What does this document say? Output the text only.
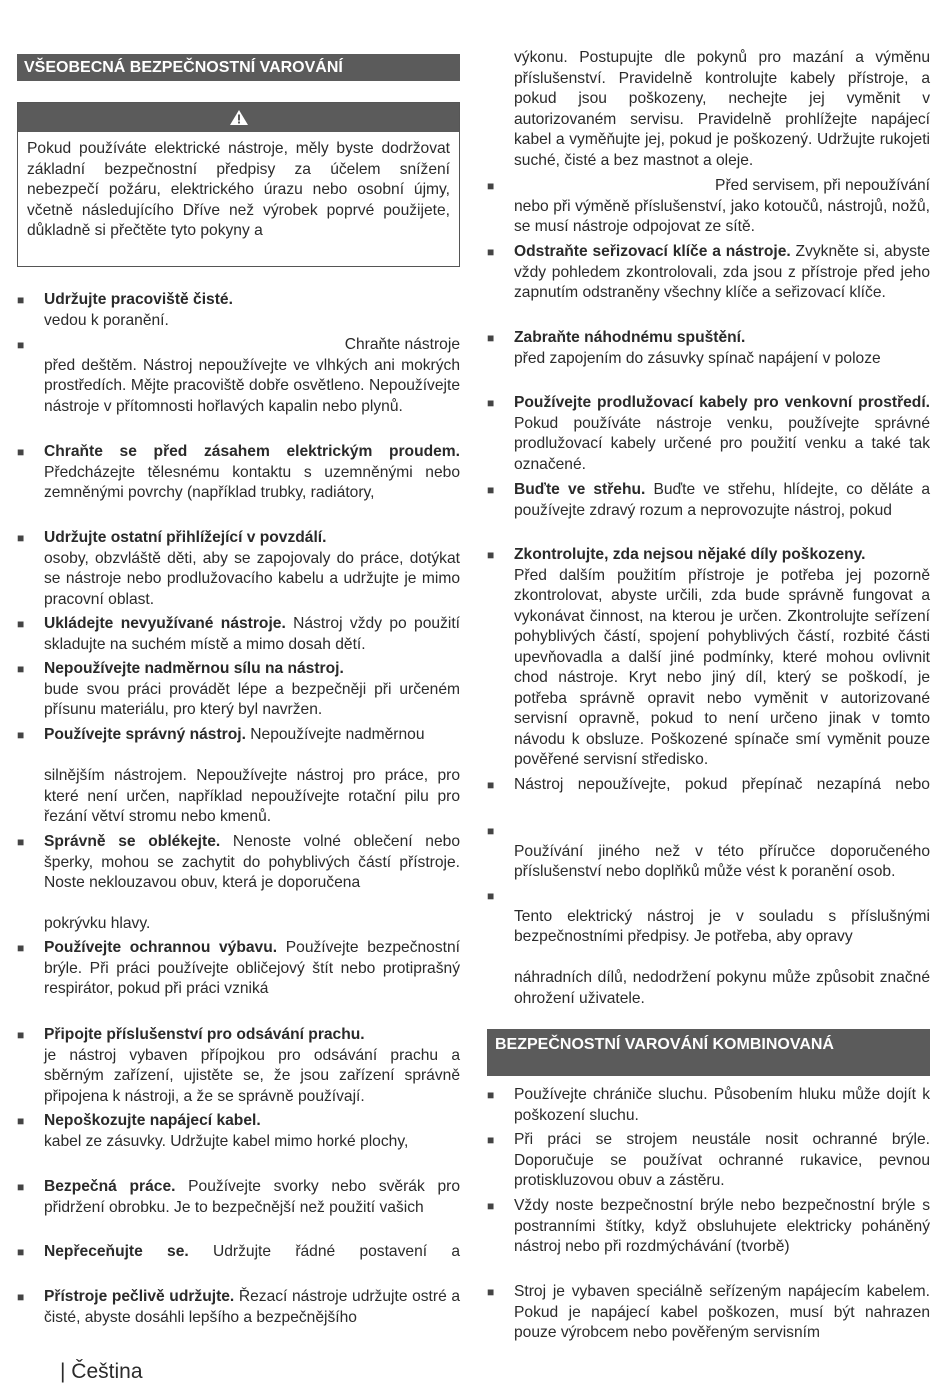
VŠEOBECNÁ BEZPEČNOSTNÍ VAROVÁNÍ
Pokud používáte elektrické nástroje, měly byste dodržovat základní bezpečnostní předpisy za účelem snížení nebezpečí požáru, elektrického úrazu nebo osobní újmy, včetně následujícího Dříve než výrobek poprvé použijete, důkladně si přečtěte tyto pokyny a
■	Udržujte pracoviště čisté.
vedou k poranění.
■	Chraňte nástroje
před deštěm. Nástroj nepoužívejte ve vlhkých ani mokrých prostředích. Mějte pracoviště dobře osvětleno. Nepoužívejte nástroje v přítomnosti hořlavých kapalin nebo plynů.
■	Chraňte se před zásahem elektrickým proudem. Předcházejte tělesnému kontaktu s uzemněnými nebo zemněnými povrchy (například trubky, radiátory,
■	Udržujte ostatní přihlížející v povzdálí.
osoby, obzvláště děti, aby se zapojovaly do práce, dotýkat se nástroje nebo prodlužovacího kabelu a udržujte je mimo pracovní oblast.
■	Ukládejte nevyužívané nástroje. Nástroj vždy po použití skladujte na suchém místě a mimo dosah dětí.
■	Nepoužívejte nadměrnou sílu na nástroj.
bude svou práci provádět lépe a bezpečněji při určeném přísunu materiálu, pro který byl navržen.
■	Používejte správný nástroj. Nepoužívejte nadměrnou

silnějším nástrojem. Nepoužívejte nástroj pro práce, pro které není určen, například nepoužívejte rotační pilu pro řezání větví stromu nebo kmenů.
■	Správně se oblékejte. Nenoste volné oblečení nebo šperky, mohou se zachytit do pohyblivých částí přístroje. Noste neklouzavou obuv, která je doporučena

pokrývku hlavy.
■	Používejte ochrannou výbavu. Používejte bezpečnostní brýle. Při práci používejte obličejový štít nebo protiprašný respirátor, pokud při práci vzniká
■	Připojte příslušenství pro odsávání prachu.
je nástroj vybaven přípojkou pro odsávání prachu a sběrným zařízení, ujistěte se, že jsou zařízení správně připojena k nástroji, a že se správně používají.
■	Nepoškozujte napájecí kabel.
kabel ze zásuvky. Udržujte kabel mimo horké plochy,
■	Bezpečná práce. Používejte svorky nebo svěrák pro přidržení obrobku. Je to bezpečnější než použití vašich
■	Nepřeceňujte se. Udržujte řádné postavení a
■	Přístroje pečlivě udržujte. Řezací nástroje udržujte ostré a čisté, abyste dosáhli lepšího a bezpečnějšího
výkonu. Postupujte dle pokynů pro mazání a výměnu příslušenství. Pravidelně kontrolujte kabely přístroje, a pokud jsou poškozeny, nechejte jej vyměnit v autorizovaném servisu. Pravidelně prohlížejte napájecí kabel a vyměňujte jej, pokud je poškozený. Udržujte rukojeti suché, čisté a bez mastnot a oleje.
■	Před servisem, při nepoužívání
nebo při výměně příslušenství, jako kotoučů, nástrojů, nožů, se musí nástroje odpojovat ze sítě.
■	Odstraňte seřizovací klíče a nástroje. Zvykněte si, abyste vždy pohledem zkontrolovali, zda jsou z přístroje před jeho zapnutím odstraněny všechny klíče a seřizovací klíče.
■	Zabraňte náhodnému spuštění.
před zapojením do zásuvky spínač napájení v poloze
■	Používejte prodlužovací kabely pro venkovní prostředí. Pokud používáte nástroje venku, používejte správné prodlužovací kabely určené pro použití venku a také tak označené.
■	Buďte ve střehu. Buďte ve střehu, hlídejte, co děláte a používejte zdravý rozum a neprovozujte nástroj, pokud
■	Zkontrolujte, zda nejsou nějaké díly poškozeny.
Před dalším použitím přístroje je potřeba jej pozorně zkontrolovat, abyste určili, zda bude správně fungovat a vykonávat činnost, na kterou je určen. Zkontrolujte seřízení pohyblivých částí, spojení pohyblivých částí, rozbité části upevňovadla a další jiné podmínky, které mohou ovlivnit chod nástroje. Kryt nebo jiný díl, který se poškodí, je potřeba správně opravit nebo vyměnit v autorizované servisní opravně, pokud to není určeno jinak v tomto návodu k obsluze. Poškozené spínače smí vyměnit pouze pověřené servisní středisko.
■	Nástroj nepoužívejte, pokud přepínač nezapíná nebo
■

Používání jiného než v této příručce doporučeného příslušenství nebo doplňků může vést k poranění osob.
■

Tento elektrický nástroj je v souladu s příslušnými bezpečnostními předpisy. Je potřeba, aby opravy

náhradních dílů, nedodržení pokynu může způsobit značné ohrožení uživatele.
BEZPEČNOSTNÍ VAROVÁNÍ KOMBINOVANÁ
■	Používejte chrániče sluchu. Působením hluku může dojít k poškození sluchu.
■	Při práci se strojem neustále nosit ochranné brýle. Doporučuje se používat ochranné rukavice, pevnou protiskluzovou obuv a zástěru.
■	Vždy noste bezpečnostní brýle nebo bezpečnostní brýle s postranními štítky, když obsluhujete elektricky poháněný nástroj nebo při rozdmýchávání (tvorbě)
■	Stroj je vybaven speciálně seřízeným napájecím kabelem. Pokud je napájecí kabel poškozen, musí být nahrazen pouze výrobcem nebo pověřeným servisním
| Čeština
